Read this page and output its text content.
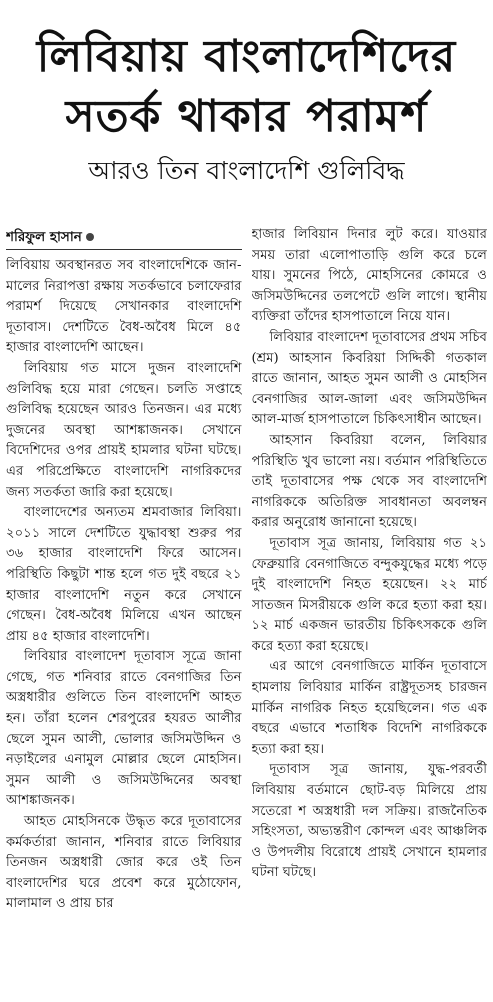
লিবিয়ায় বাংলাদেশিদের
সতর্ক থাকার পরামর্শ
আরও তিন বাংলাদেশি গুলিবিদ্ধ
শরিফুল হাসান

লিবিয়ায় অবস্থানরত সব বাংলাদেশিকে জান-মালের নিরাপত্তা রক্ষায় সতর্কভাবে চলাফেরার পরামর্শ দিয়েছে সেখানকার বাংলাদেশি দূতাবাস। দেশটিতে বৈধ-অবৈধ মিলে ৪৫ হাজার বাংলাদেশি আছেন।

লিবিয়ায় গত মাসে দুজন বাংলাদেশি গুলিবিদ্ধ হয়ে মারা গেছেন। চলতি সপ্তাহে গুলিবিদ্ধ হয়েছেন আরও তিনজন। এর মধ্যে দুজনের অবস্থা আশঙ্কাজনক। সেখানে বিদেশিদের ওপর প্রায়ই হামলার ঘটনা ঘটছে। এর পরিপ্রেক্ষিতে বাংলাদেশি নাগরিকদের জন্য সতর্কতা জারি করা হয়েছে।

বাংলাদেশের অন্যতম শ্রমবাজার লিবিয়া। ২০১১ সালে দেশটিতে যুদ্ধাবস্থা শুরুর পর ৩৬ হাজার বাংলাদেশি ফিরে আসেন। পরিস্থিতি কিছুটা শান্ত হলে গত দুই বছরে ২১ হাজার বাংলাদেশি নতুন করে সেখানে গেছেন। বৈধ-অবৈধ মিলিয়ে এখন আছেন প্রায় ৪৫ হাজার বাংলাদেশি।

লিবিয়ার বাংলাদেশ দূতাবাস সূত্রে জানা গেছে, গত শনিবার রাতে বেনগাজির তিন অস্ত্রধারীর গুলিতে তিন বাংলাদেশি আহত হন। তাঁরা হলেন শেরপুরের হযরত আলীর ছেলে সুমন আলী, ভোলার জসিমউদ্দিন ও নড়াইলের এনামুল মোল্লার ছেলে মোহসিন। সুমন আলী ও জসিমউদ্দিনের অবস্থা আশঙ্কাজনক।

আহত মোহসিনকে উদ্ধৃত করে দূতাবাসের কর্মকর্তারা জানান, শনিবার রাতে লিবিয়ার তিনজন অস্ত্রধারী জোর করে ওই তিন বাংলাদেশির ঘরে প্রবেশ করে মুঠোফোন, মালামাল ও প্রায় চার

হাজার লিবিয়ান দিনার লুট করে। যাওয়ার সময় তারা এলোপাতাড়ি গুলি করে চলে যায়। সুমনের পিঠে, মোহসিনের কোমরে ও জসিমউদ্দিনের তলপেটে গুলি লাগে। স্থানীয় ব্যক্তিরা তাঁদের হাসপাতালে নিয়ে যান।

লিবিয়ার বাংলাদেশ দূতাবাসের প্রথম সচিব (শ্রম) আহসান কিবরিয়া সিদ্দিকী গতকাল রাতে জানান, আহত সুমন আলী ও মোহসিন বেনগাজির আল-জালা এবং জসিমউদ্দিন আল-মার্জ হাসপাতালে চিকিৎসাধীন আছেন।

আহসান কিবরিয়া বলেন, লিবিয়ার পরিস্থিতি খুব ভালো নয়। বর্তমান পরিস্থিতিতে তাই দূতাবাসের পক্ষ থেকে সব বাংলাদেশি নাগরিককে অতিরিক্ত সাবধানতা অবলম্বন করার অনুরোধ জানানো হয়েছে।

দূতাবাস সূত্র জানায়, লিবিয়ায় গত ২১ ফেব্রুয়ারি বেনগাজিতে বন্দুকযুদ্ধের মধ্যে পড়ে দুই বাংলাদেশি নিহত হয়েছেন। ২২ মার্চ সাতজন মিসরীয়কে গুলি করে হত্যা করা হয়। ১২ মার্চ একজন ভারতীয় চিকিৎসককে গুলি করে হত্যা করা হয়েছে।

এর আগে বেনগাজিতে মার্কিন দূতাবাসে হামলায় লিবিয়ার মার্কিন রাষ্ট্রদূতসহ চারজন মার্কিন নাগরিক নিহত হয়েছিলেন। গত এক বছরে এভাবে শতাধিক বিদেশি নাগরিককে হত্যা করা হয়।

দূতাবাস সূত্র জানায়, যুদ্ধ-পরবর্তী লিবিয়ায় বর্তমানে ছোট-বড় মিলিয়ে প্রায় সতেরো শ অস্ত্রধারী দল সক্রিয়। রাজনৈতিক সহিংসতা, অভ্যন্তরীণ কোন্দল এবং আঞ্চলিক ও উপদলীয় বিরোধে প্রায়ই সেখানে হামলার ঘটনা ঘটছে।
